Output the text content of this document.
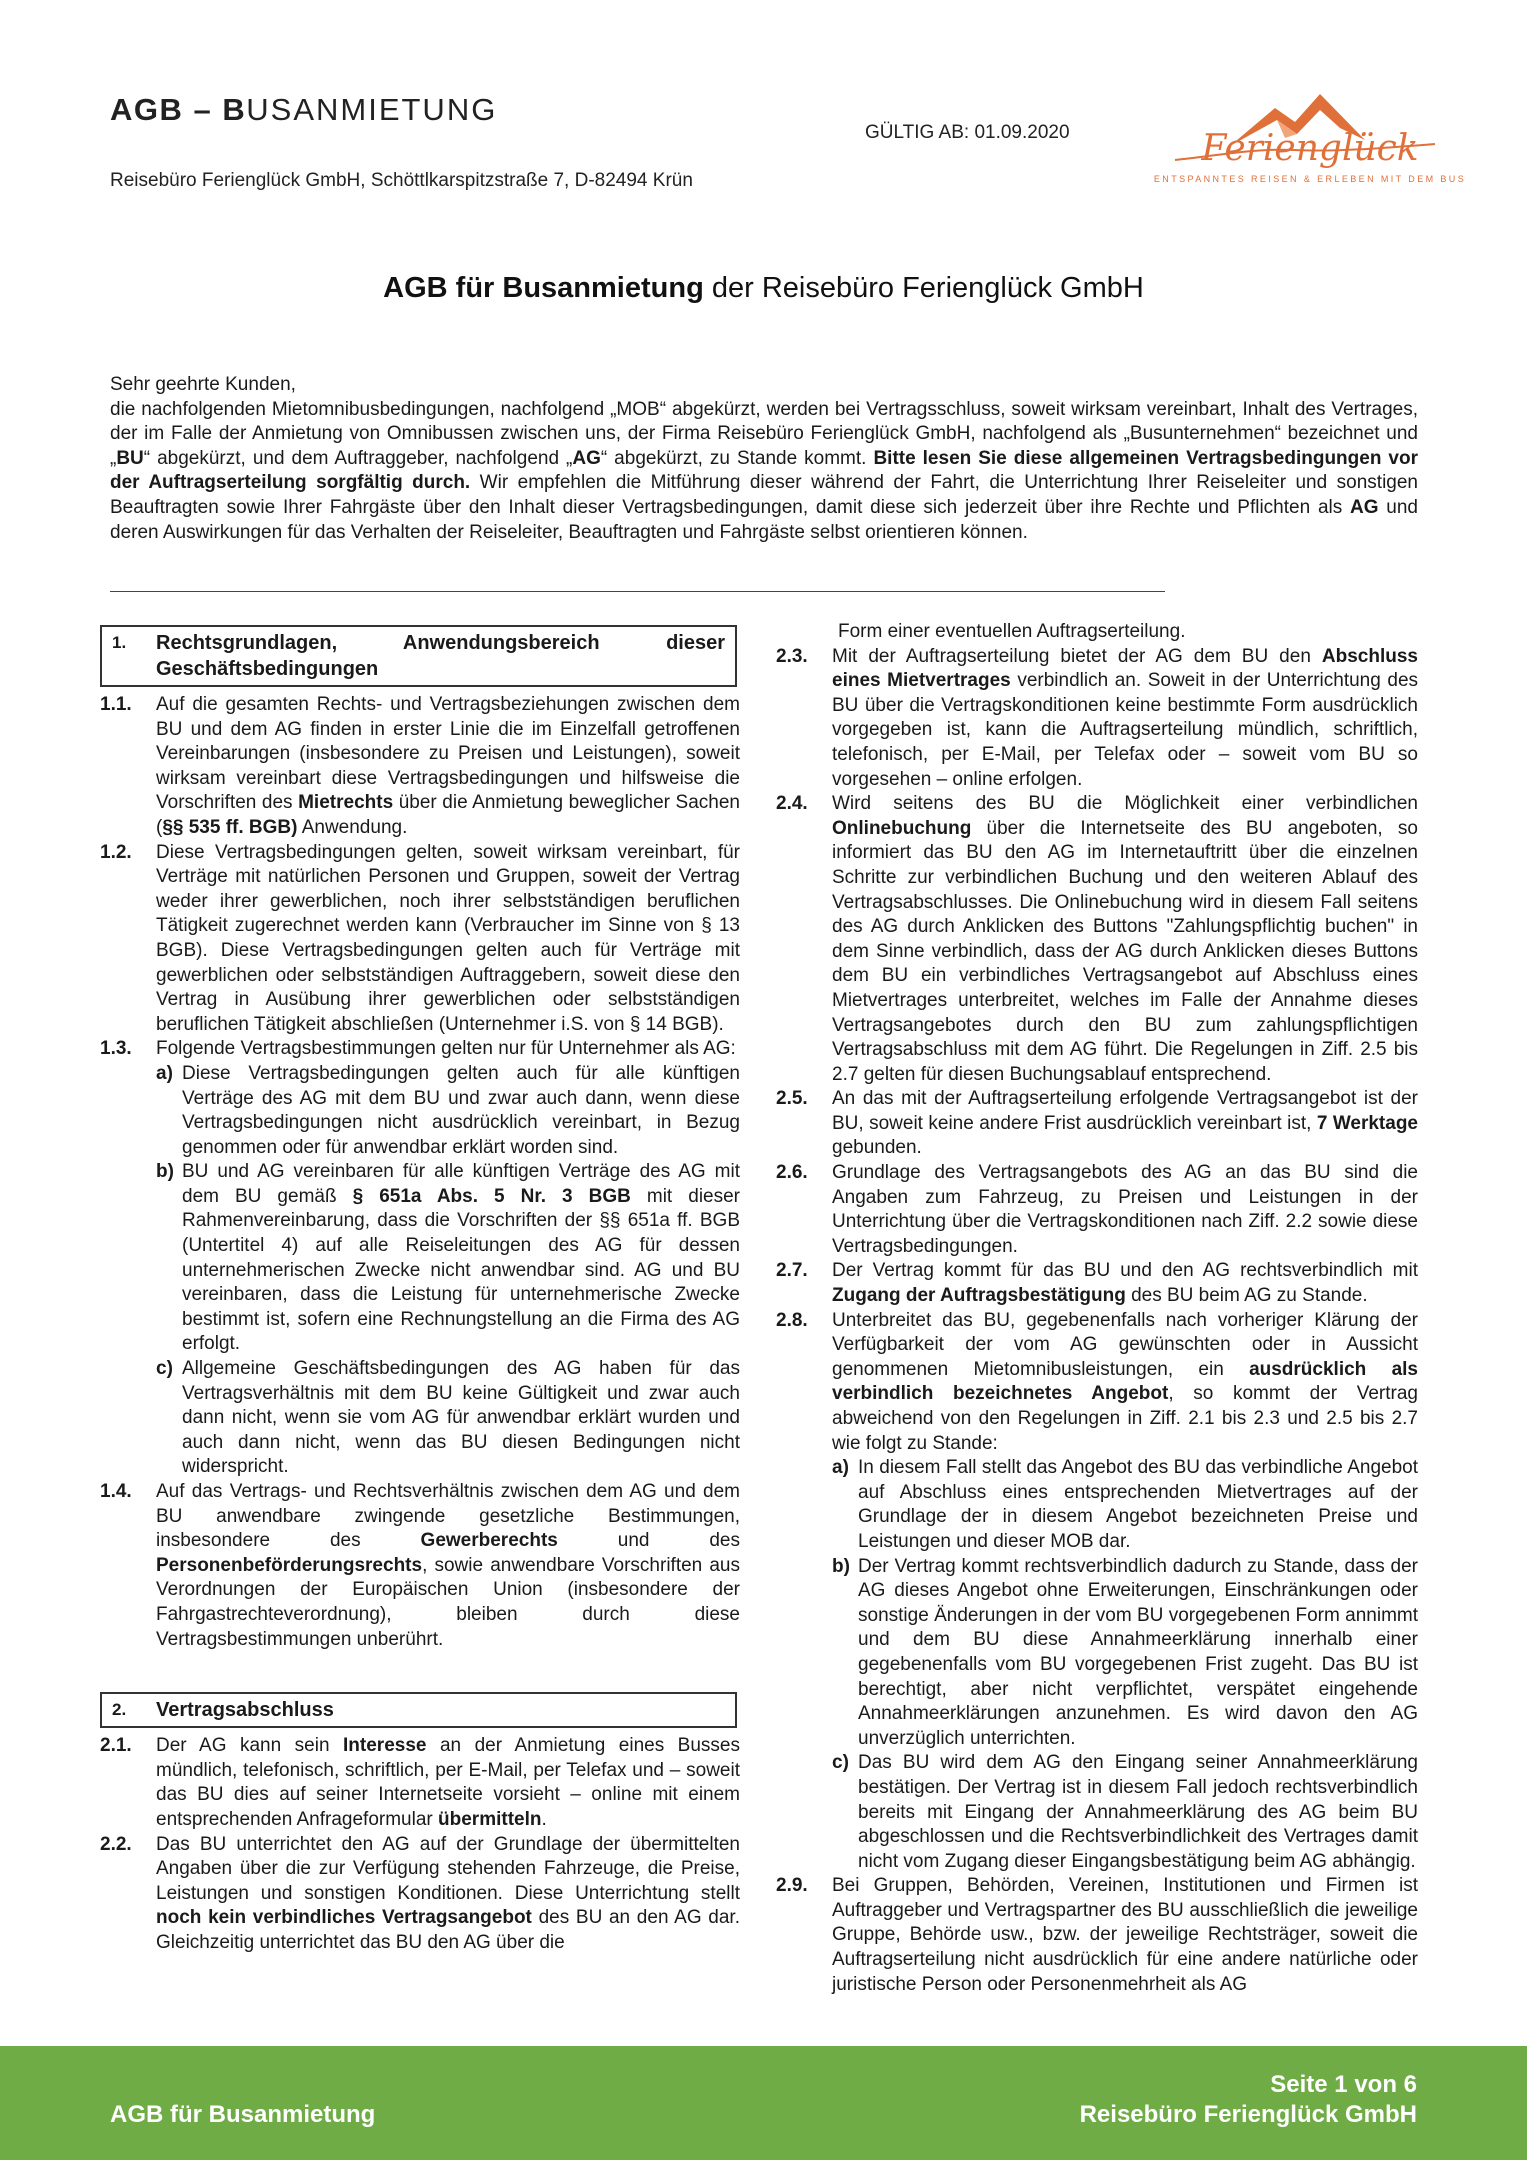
AGB – BUSANMIETUNG
Reisebüro Ferienglück GmbH, Schöttlkarspitzstraße 7, D-82494 Krün
GÜLTIG AB: 01.09.2020	Ferienglück
ENTSPANNTES REISEN & ERLEBEN MIT DEM BUS
AGB für Busanmietung der Reisebüro Ferienglück GmbH

Sehr geehrte Kunden,

die nachfolgenden Mietomnibusbedingungen, nachfolgend „MOB“ abgekürzt, werden bei Vertragsschluss, soweit wirksam vereinbart, Inhalt des Vertrages, der im Falle der Anmietung von Omnibussen zwischen uns, der Firma Reisebüro Ferienglück GmbH, nachfolgend als „Busunternehmen“ bezeichnet und „BU“ abgekürzt, und dem Auftraggeber, nachfolgend „AG“ abgekürzt, zu Stande kommt. Bitte lesen Sie diese allgemeinen Vertragsbedingungen vor der Auftragserteilung sorgfältig durch. Wir empfehlen die Mitführung dieser während der Fahrt, die Unterrichtung Ihrer Reiseleiter und sonstigen Beauftragten sowie Ihrer Fahrgäste über den Inhalt dieser Vertragsbedingungen, damit diese sich jederzeit über ihre Rechte und Pflichten als AG und deren Auswirkungen für das Verhalten der Reiseleiter, Beauftragten und Fahrgäste selbst orientieren können.

1.	Rechtsgrundlagen, Anwendungsbereich dieser Geschäftsbedingungen
1.1.	Auf die gesamten Rechts- und Vertragsbeziehungen zwischen dem BU und dem AG finden in erster Linie die im Einzelfall getroffenen Vereinbarungen (insbesondere zu Preisen und Leistungen), soweit wirksam vereinbart diese Vertragsbedingungen und hilfsweise die Vorschriften des Mietrechts über die Anmietung beweglicher Sachen (§§ 535 ff. BGB) Anwendung.
1.2.	Diese Vertragsbedingungen gelten, soweit wirksam vereinbart, für Verträge mit natürlichen Personen und Gruppen, soweit der Vertrag weder ihrer gewerblichen, noch ihrer selbstständigen beruflichen Tätigkeit zugerechnet werden kann (Verbraucher im Sinne von § 13 BGB). Diese Vertragsbedingungen gelten auch für Verträge mit gewerblichen oder selbstständigen Auftraggebern, soweit diese den Vertrag in Ausübung ihrer gewerblichen oder selbstständigen beruflichen Tätigkeit abschließen (Unternehmer i.S. von § 14 BGB).
1.3.	Folgende Vertragsbestimmungen gelten nur für Unternehmer als AG:
a) Diese Vertragsbedingungen gelten auch für alle künftigen Verträge des AG mit dem BU und zwar auch dann, wenn diese Vertragsbedingungen nicht ausdrücklich vereinbart, in Bezug genommen oder für anwendbar erklärt worden sind.
b) BU und AG vereinbaren für alle künftigen Verträge des AG mit dem BU gemäß § 651a Abs. 5 Nr. 3 BGB mit dieser Rahmenvereinbarung, dass die Vorschriften der §§ 651a ff. BGB (Untertitel 4) auf alle Reiseleitungen des AG für dessen unternehmerischen Zwecke nicht anwendbar sind. AG und BU vereinbaren, dass die Leistung für unternehmerische Zwecke bestimmt ist, sofern eine Rechnungstellung an die Firma des AG erfolgt.
c) Allgemeine Geschäftsbedingungen des AG haben für das Vertragsverhältnis mit dem BU keine Gültigkeit und zwar auch dann nicht, wenn sie vom AG für anwendbar erklärt wurden und auch dann nicht, wenn das BU diesen Bedingungen nicht widerspricht.
1.4.	Auf das Vertrags- und Rechtsverhältnis zwischen dem AG und dem BU anwendbare zwingende gesetzliche Bestimmungen, insbesondere des Gewerberechts und des Personenbeförderungsrechts, sowie anwendbare Vorschriften aus Verordnungen der Europäischen Union (insbesondere der Fahrgastrechteverordnung), bleiben durch diese Vertragsbestimmungen unberührt.
2.	Vertragsabschluss
2.1.	Der AG kann sein Interesse an der Anmietung eines Busses mündlich, telefonisch, schriftlich, per E-Mail, per Telefax und – soweit das BU dies auf seiner Internetseite vorsieht – online mit einem entsprechenden Anfrageformular übermitteln.
2.2.	Das BU unterrichtet den AG auf der Grundlage der übermittelten Angaben über die zur Verfügung stehenden Fahrzeuge, die Preise, Leistungen und sonstigen Konditionen. Diese Unterrichtung stellt noch kein verbindliches Vertragsangebot des BU an den AG dar. Gleichzeitig unterrichtet das BU den AG über die
Form einer eventuellen Auftragserteilung.
2.3.	Mit der Auftragserteilung bietet der AG dem BU den Abschluss eines Mietvertrages verbindlich an. Soweit in der Unterrichtung des BU über die Vertragskonditionen keine bestimmte Form ausdrücklich vorgegeben ist, kann die Auftragserteilung mündlich, schriftlich, telefonisch, per E-Mail, per Telefax oder – soweit vom BU so vorgesehen – online erfolgen.
2.4.	Wird seitens des BU die Möglichkeit einer verbindlichen Onlinebuchung über die Internetseite des BU angeboten, so informiert das BU den AG im Internetauftritt über die einzelnen Schritte zur verbindlichen Buchung und den weiteren Ablauf des Vertragsabschlusses. Die Onlinebuchung wird in diesem Fall seitens des AG durch Anklicken des Buttons "Zahlungspflichtig buchen" in dem Sinne verbindlich, dass der AG durch Anklicken dieses Buttons dem BU ein verbindliches Vertragsangebot auf Abschluss eines Mietvertrages unterbreitet, welches im Falle der Annahme dieses Vertragsangebotes durch den BU zum zahlungspflichtigen Vertragsabschluss mit dem AG führt. Die Regelungen in Ziff. 2.5 bis 2.7 gelten für diesen Buchungsablauf entsprechend.
2.5.	An das mit der Auftragserteilung erfolgende Vertragsangebot ist der BU, soweit keine andere Frist ausdrücklich vereinbart ist, 7 Werktage gebunden.
2.6.	Grundlage des Vertragsangebots des AG an das BU sind die Angaben zum Fahrzeug, zu Preisen und Leistungen in der Unterrichtung über die Vertragskonditionen nach Ziff. 2.2 sowie diese Vertragsbedingungen.
2.7.	Der Vertrag kommt für das BU und den AG rechtsverbindlich mit Zugang der Auftragsbestätigung des BU beim AG zu Stande.
2.8.	Unterbreitet das BU, gegebenenfalls nach vorheriger Klärung der Verfügbarkeit der vom AG gewünschten oder in Aussicht genommenen Mietomnibusleistungen, ein ausdrücklich als verbindlich bezeichnetes Angebot, so kommt der Vertrag abweichend von den Regelungen in Ziff. 2.1 bis 2.3 und 2.5 bis 2.7 wie folgt zu Stande:
a) In diesem Fall stellt das Angebot des BU das verbindliche Angebot auf Abschluss eines entsprechenden Mietvertrages auf der Grundlage der in diesem Angebot bezeichneten Preise und Leistungen und dieser MOB dar.
b) Der Vertrag kommt rechtsverbindlich dadurch zu Stande, dass der AG dieses Angebot ohne Erweiterungen, Einschränkungen oder sonstige Änderungen in der vom BU vorgegebenen Form annimmt und dem BU diese Annahmeerklärung innerhalb einer gegebenenfalls vom BU vorgegebenen Frist zugeht. Das BU ist berechtigt, aber nicht verpflichtet, verspätet eingehende Annahmeerklärungen anzunehmen. Es wird davon den AG unverzüglich unterrichten.
c) Das BU wird dem AG den Eingang seiner Annahmeerklärung bestätigen. Der Vertrag ist in diesem Fall jedoch rechtsverbindlich bereits mit Eingang der Annahmeerklärung des AG beim BU abgeschlossen und die Rechtsverbindlichkeit des Vertrages damit nicht vom Zugang dieser Eingangsbestätigung beim AG abhängig.
2.9.	Bei Gruppen, Behörden, Vereinen, Institutionen und Firmen ist Auftraggeber und Vertragspartner des BU ausschließlich die jeweilige Gruppe, Behörde usw., bzw. der jeweilige Rechtsträger, soweit die Auftragserteilung nicht ausdrücklich für eine andere natürliche oder juristische Person oder Personenmehrheit als AG
AGB für Busanmietung
Seite 1 von 6
Reisebüro Ferienglück GmbH
